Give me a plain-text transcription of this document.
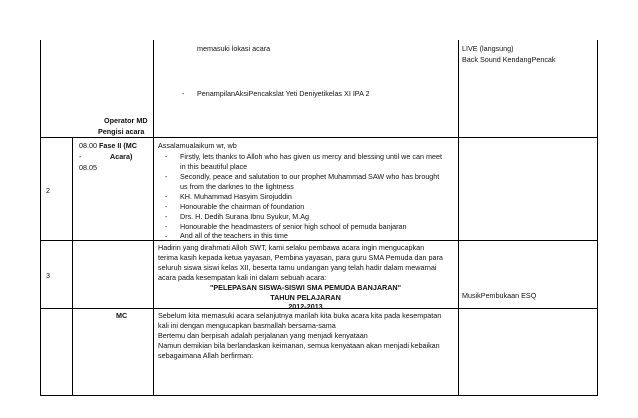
memasuki lokasi acara
- PenampilanAksiPencakslat Yeti Deniyetikelas XI IPA 2
Operator MD
Pengisi acara
LIVE (langsung)
Back Sound KendangPencak
2
08.00
-
08.05
Fase II (MC
Acara)
Assalamualaikum wr, wb
- Firstly, lets thanks to Alloh who has given us mercy and blessing until we can meet
in this beautiful place
- Secondly, peace and salutation to our prophet Muhammad SAW who has brought
us from the darknes to the lightness
- KH. Muhammad Hasyim Sirojuddin
- Honourable the chairman of foundation
- Drs. H. Dedih Surana Ibnu Syukur, M.Ag
- Honourable the headmasters of senior high school of pemuda banjaran
- And all of the teachers in this time
3
Hadirin yang dirahmati Alloh SWT, kami selaku pembawa acara ingin mengucapkan
terima kasih kepada ketua yayasan, Pembina yayasan, para guru SMA Pemuda dan para
seluruh siswa siswi kelas XII, beserta tamu undangan yang telah hadir dalam mewarnai
acara pada kesempatan kali ini dalam sebuah acara:
"PELEPASAN SISWA-SISWI SMA PEMUDA BANJARAN"
TAHUN PELAJARAN
2012-2013
MusikPembukaan ESQ
MC	Sebelum kita memasuki acara selanjutnya marilah kita buka acara kita pada kesempatan
kali ini dengan mengucapkan basmallah bersama-sama
Bertemu dan berpisah adalah perjalanan yang menjadi kenyataan
Namun demikian bila berlandaskan keimanan, semua kenyataan akan menjadi kebaikan
sebagaimana Allah berfirman:
